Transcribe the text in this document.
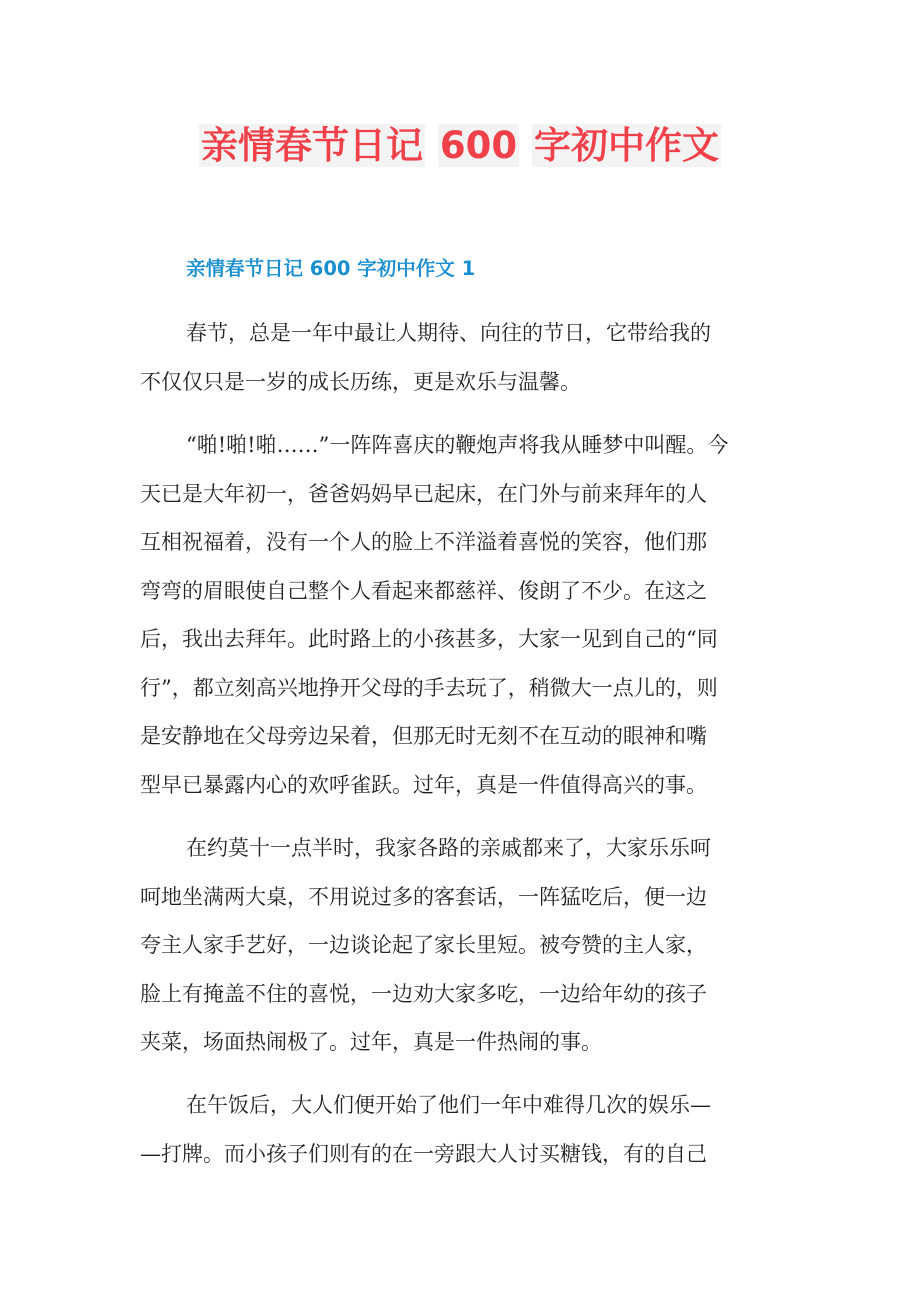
亲情春节日记 600 字初中作文
亲情春节日记 600 字初中作文 1
春节，总是一年中最让人期待、向往的节日，它带给我的
不仅仅只是一岁的成长历练，更是欢乐与温馨。
“啪!啪!啪……”一阵阵喜庆的鞭炮声将我从睡梦中叫醒。今
天已是大年初一，爸爸妈妈早已起床，在门外与前来拜年的人
互相祝福着，没有一个人的脸上不洋溢着喜悦的笑容，他们那
弯弯的眉眼使自己整个人看起来都慈祥、俊朗了不少。在这之
后，我出去拜年。此时路上的小孩甚多，大家一见到自己的“同
行”，都立刻高兴地挣开父母的手去玩了，稍微大一点儿的，则
是安静地在父母旁边呆着，但那无时无刻不在互动的眼神和嘴
型早已暴露内心的欢呼雀跃。过年，真是一件值得高兴的事。
在约莫十一点半时，我家各路的亲戚都来了，大家乐乐呵
呵地坐满两大桌，不用说过多的客套话，一阵猛吃后，便一边
夸主人家手艺好，一边谈论起了家长里短。被夸赞的主人家，
脸上有掩盖不住的喜悦，一边劝大家多吃，一边给年幼的孩子
夹菜，场面热闹极了。过年，真是一件热闹的事。
在午饭后，大人们便开始了他们一年中难得几次的娱乐—
—打牌。而小孩子们则有的在一旁跟大人讨买糖钱，有的自己
